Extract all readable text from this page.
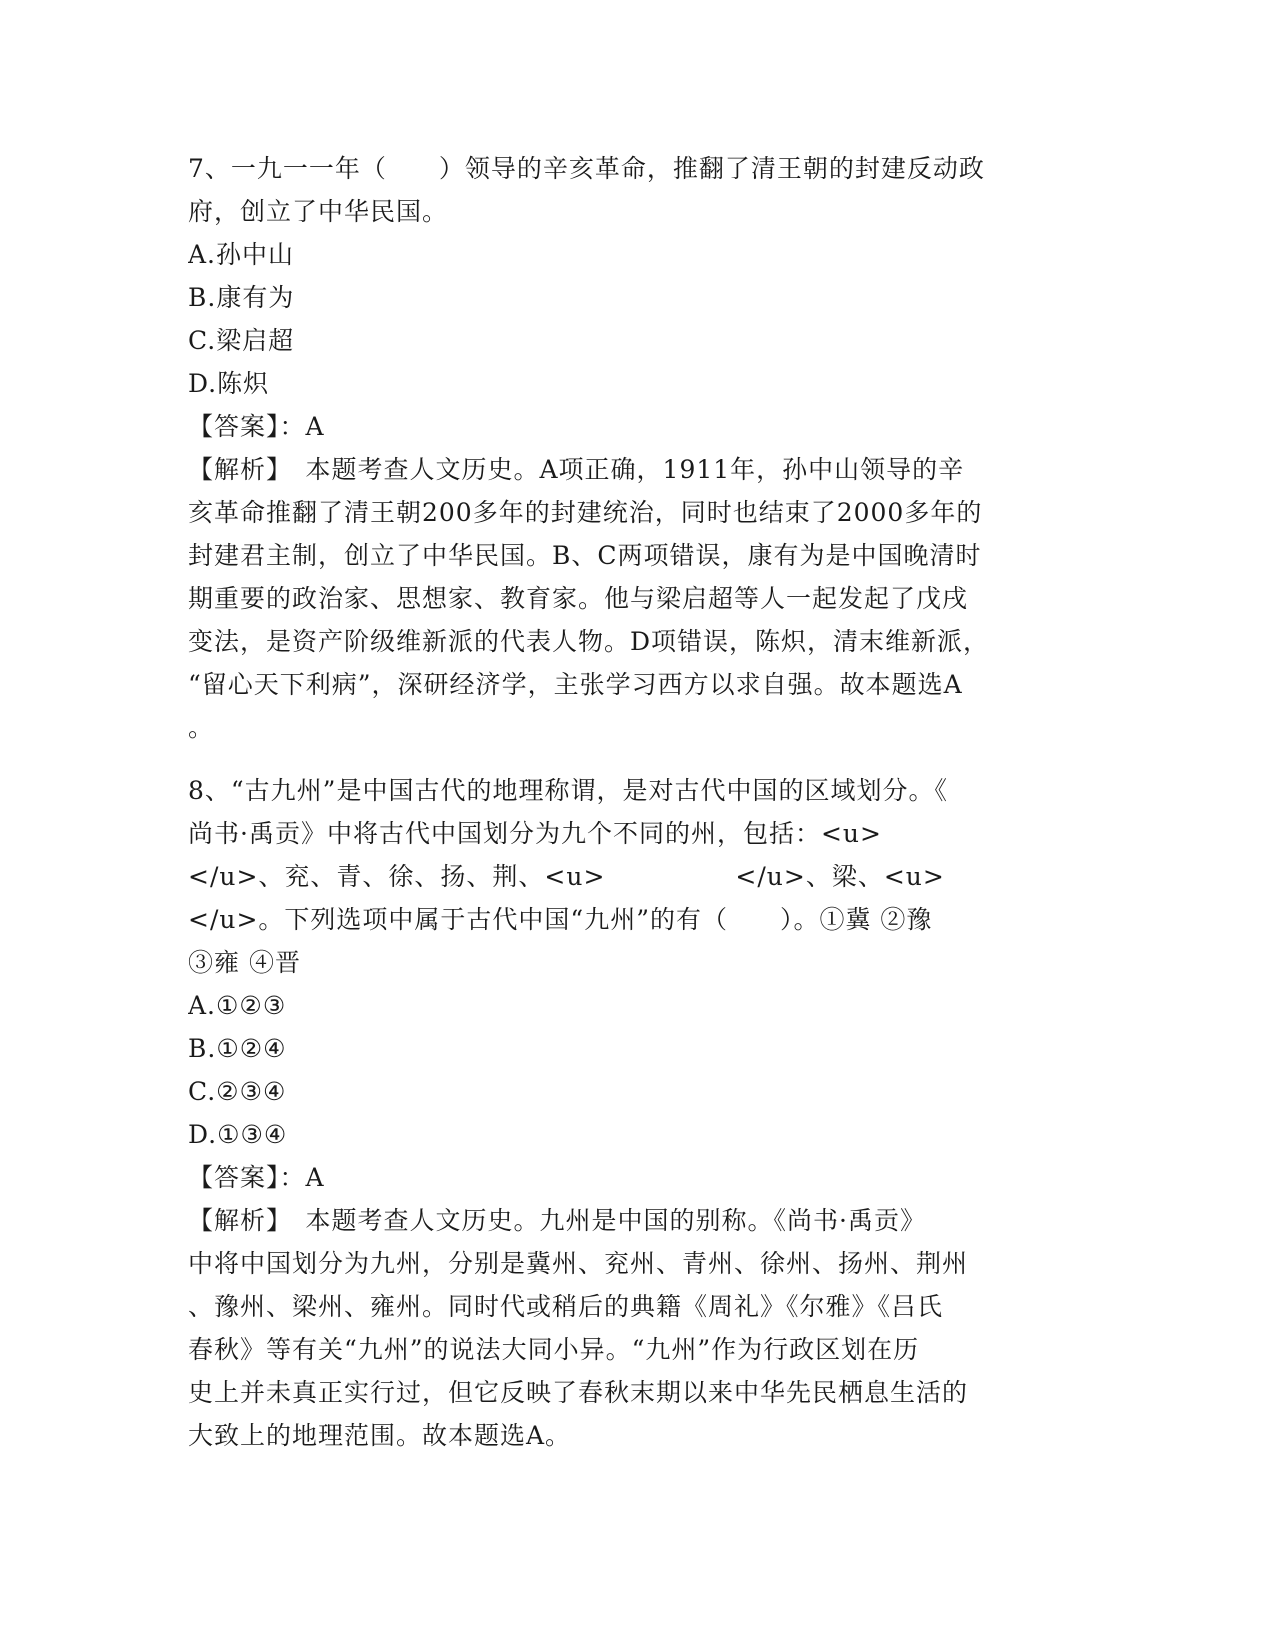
7、一九一一年（　　）领导的辛亥革命，推翻了清王朝的封建反动政
府，创立了中华民国。
A.孙中山
B.康有为
C.梁启超
D.陈炽
【答案】：A
【解析】　本题考查人文历史。A项正确，1911年，孙中山领导的辛
亥革命推翻了清王朝200多年的封建统治，同时也结束了2000多年的
封建君主制，创立了中华民国。B、C两项错误，康有为是中国晚清时
期重要的政治家、思想家、教育家。他与梁启超等人一起发起了戊戌
变法，是资产阶级维新派的代表人物。D项错误，陈炽，清末维新派，
“留心天下利病”，深研经济学，主张学习西方以求自强。故本题选A
。
8、“古九州”是中国古代的地理称谓，是对古代中国的区域划分。《
尚书·禹贡》中将古代中国划分为九个不同的州，包括：<u>
</u>、兖、青、徐、扬、荆、<u>　　　　　</u>、梁、<u>
</u>。下列选项中属于古代中国“九州”的有（　　）。①冀 ②豫
③雍 ④晋
A.①②③
B.①②④
C.②③④
D.①③④
【答案】：A
【解析】　本题考查人文历史。九州是中国的别称。《尚书·禹贡》
中将中国划分为九州，分别是冀州、兖州、青州、徐州、扬州、荆州
、豫州、梁州、雍州。同时代或稍后的典籍《周礼》《尔雅》《吕氏
春秋》等有关“九州”的说法大同小异。“九州”作为行政区划在历
史上并未真正实行过，但它反映了春秋末期以来中华先民栖息生活的
大致上的地理范围。故本题选A。
